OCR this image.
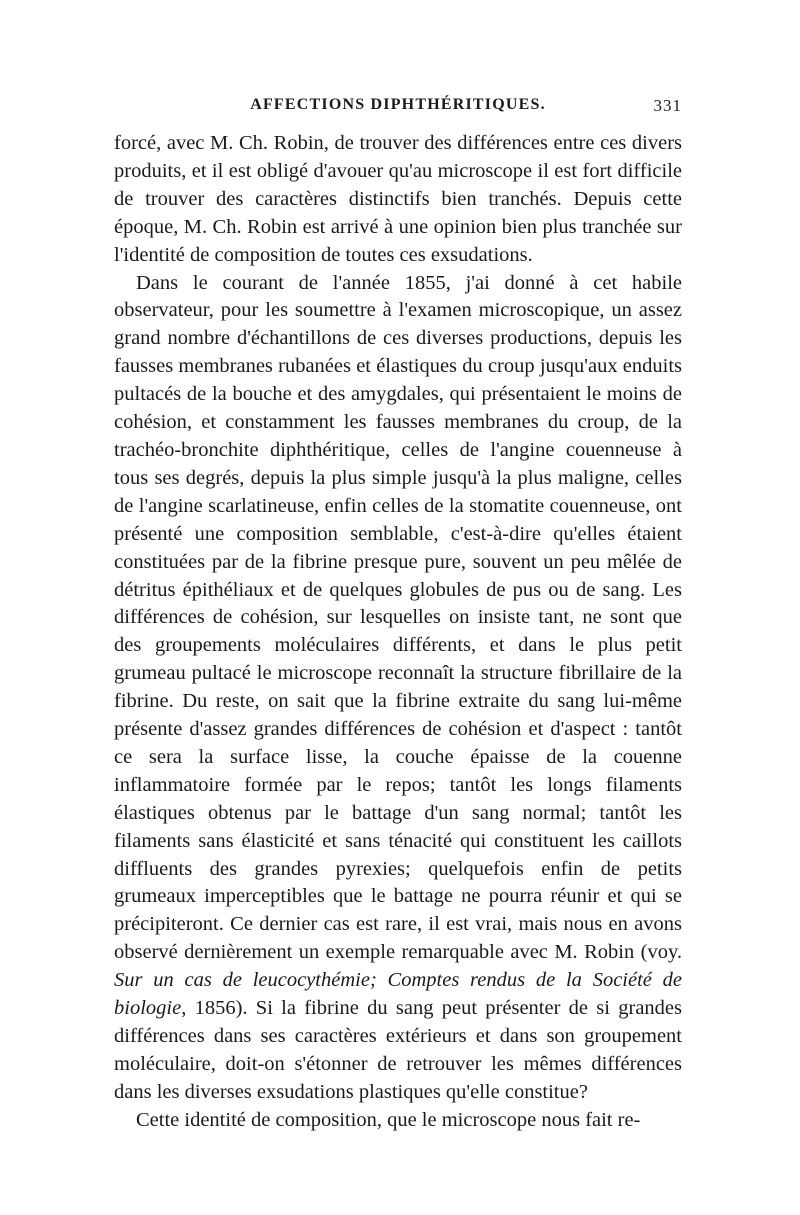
AFFECTIONS DIPHTHÉRITIQUES.	331

forcé, avec M. Ch. Robin, de trouver des différences entre ces divers produits, et il est obligé d'avouer qu'au microscope il est fort difficile de trouver des caractères distinctifs bien tranchés. Depuis cette époque, M. Ch. Robin est arrivé à une opinion bien plus tranchée sur l'identité de composition de toutes ces exsudations.

Dans le courant de l'année 1855, j'ai donné à cet habile observateur, pour les soumettre à l'examen microscopique, un assez grand nombre d'échantillons de ces diverses productions, depuis les fausses membranes rubanées et élastiques du croup jusqu'aux enduits pultacés de la bouche et des amygdales, qui présentaient le moins de cohésion, et constamment les fausses membranes du croup, de la trachéo-bronchite diphthéritique, celles de l'angine couenneuse à tous ses degrés, depuis la plus simple jusqu'à la plus maligne, celles de l'angine scarlatineuse, enfin celles de la stomatite couenneuse, ont présenté une composition semblable, c'est-à-dire qu'elles étaient constituées par de la fibrine presque pure, souvent un peu mêlée de détritus épithéliaux et de quelques globules de pus ou de sang. Les différences de cohésion, sur lesquelles on insiste tant, ne sont que des groupements moléculaires différents, et dans le plus petit grumeau pultacé le microscope reconnaît la structure fibrillaire de la fibrine. Du reste, on sait que la fibrine extraite du sang lui-même présente d'assez grandes différences de cohésion et d'aspect : tantôt ce sera la surface lisse, la couche épaisse de la couenne inflammatoire formée par le repos; tantôt les longs filaments élastiques obtenus par le battage d'un sang normal; tantôt les filaments sans élasticité et sans ténacité qui constituent les caillots diffluents des grandes pyrexies; quelquefois enfin de petits grumeaux imperceptibles que le battage ne pourra réunir et qui se précipiteront. Ce dernier cas est rare, il est vrai, mais nous en avons observé dernièrement un exemple remarquable avec M. Robin (voy. Sur un cas de leucocythémie; Comptes rendus de la Société de biologie, 1856). Si la fibrine du sang peut présenter de si grandes différences dans ses caractères extérieurs et dans son groupement moléculaire, doit-on s'étonner de retrouver les mêmes différences dans les diverses exsudations plastiques qu'elle constitue?

Cette identité de composition, que le microscope nous fait re-
